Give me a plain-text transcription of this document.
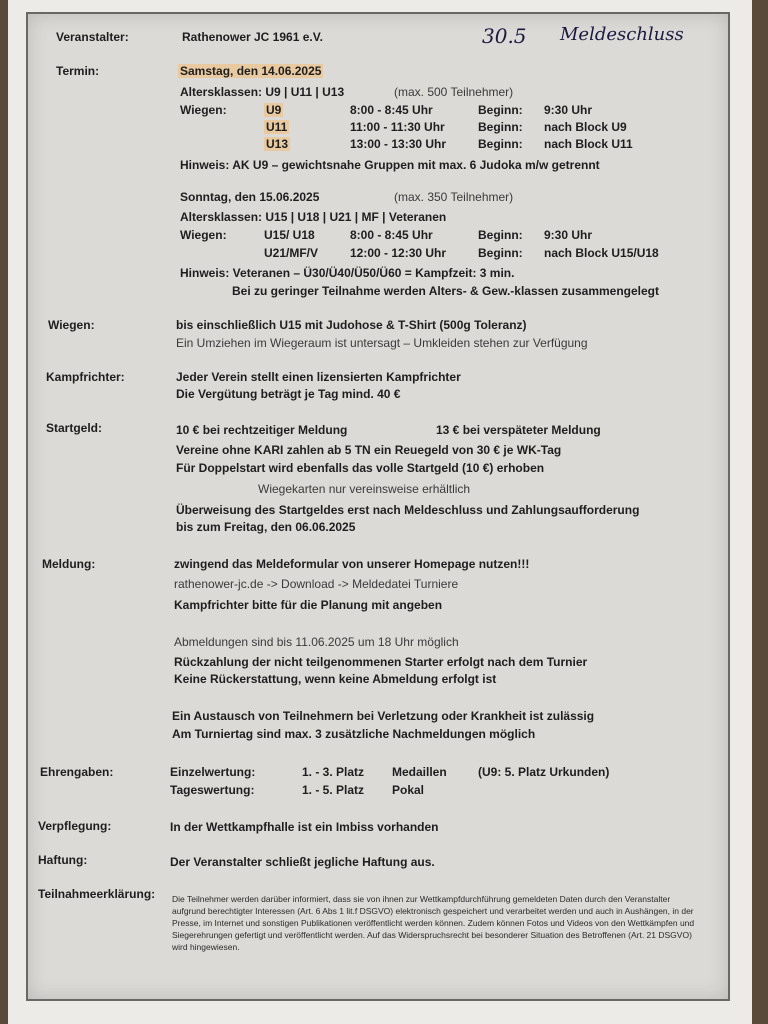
30.5 Meldeschluss
Veranstalter:	Rathenower JC 1961 e.V.
Termin:	Samstag, den 14.06.2025
Altersklassen: U9 | U11 | U13	(max. 500 Teilnehmer)
Wiegen:	U9	8:00 - 8:45 Uhr	Beginn: 9:30 Uhr
U11	11:00 - 11:30 Uhr	Beginn: nach Block U9
U13	13:00 - 13:30 Uhr	Beginn: nach Block U11
Hinweis: AK U9 – gewichtsnahe Gruppen mit max. 6 Judoka m/w getrennt
Sonntag, den 15.06.2025	(max. 350 Teilnehmer)
Altersklassen: U15 | U18 | U21 | MF | Veteranen
Wiegen:	U15/ U18	8:00 - 8:45 Uhr	Beginn: 9:30 Uhr
U21/MF/V	12:00 - 12:30 Uhr	Beginn: nach Block U15/U18
Hinweis: Veteranen – Ü30/Ü40/Ü50/Ü60 = Kampfzeit: 3 min.
Bei zu geringer Teilnahme werden Alters- & Gew.-klassen zusammengelegt
Wiegen:	bis einschließlich U15 mit Judohose & T-Shirt (500g Toleranz)
Ein Umziehen im Wiegeraum ist untersagt – Umkleiden stehen zur Verfügung
Kampfrichter:	Jeder Verein stellt einen lizensierten Kampfrichter
Die Vergütung beträgt je Tag mind. 40 €
Startgeld:	10 € bei rechtzeitiger Meldung	13 € bei verspäteter Meldung
Vereine ohne KARI zahlen ab 5 TN ein Reuegeld von 30 € je WK-Tag
Für Doppelstart wird ebenfalls das volle Startgeld (10 €) erhoben
Wiegekarten nur vereinsweise erhältlich
Überweisung des Startgeldes erst nach Meldeschluss und Zahlungsaufforderung
bis zum Freitag, den 06.06.2025
Meldung:	zwingend das Meldeformular von unserer Homepage nutzen!!!
rathenower-jc.de -> Download -> Meldedatei Turniere
Kampfrichter bitte für die Planung mit angeben
Abmeldungen sind bis 11.06.2025 um 18 Uhr möglich
Rückzahlung der nicht teilgenommenen Starter erfolgt nach dem Turnier
Keine Rückerstattung, wenn keine Abmeldung erfolgt ist
Ein Austausch von Teilnehmern bei Verletzung oder Krankheit ist zulässig
Am Turniertag sind max. 3 zusätzliche Nachmeldungen möglich
Ehrengaben:	Einzelwertung:	1. - 3. Platz Medaillen	(U9: 5. Platz Urkunden)
Tageswertung:	1. - 5. Platz Pokal
Verpflegung:	In der Wettkampfhalle ist ein Imbiss vorhanden
Haftung:	Der Veranstalter schließt jegliche Haftung aus.
Teilnahmeerklärung: Die Teilnehmer werden darüber informiert, dass sie von ihnen zur Wettkampfdurchführung gemeldeten Daten durch den Veranstalter aufgrund berechtigter Interessen (Art. 6 Abs 1 lit.f DSGVO) elektronisch gespeichert und verarbeitet werden und auch in Aushängen, in der Presse, im Internet und sonstigen Publikationen veröffentlicht werden können. Zudem können Fotos und Videos von den Wettkämpfen und Siegerehrungen gefertigt und veröffentlicht werden. Auf das Widerspruchsrecht bei besonderer Situation des Betroffenen (Art. 21 DSGVO) wird hingewiesen.
